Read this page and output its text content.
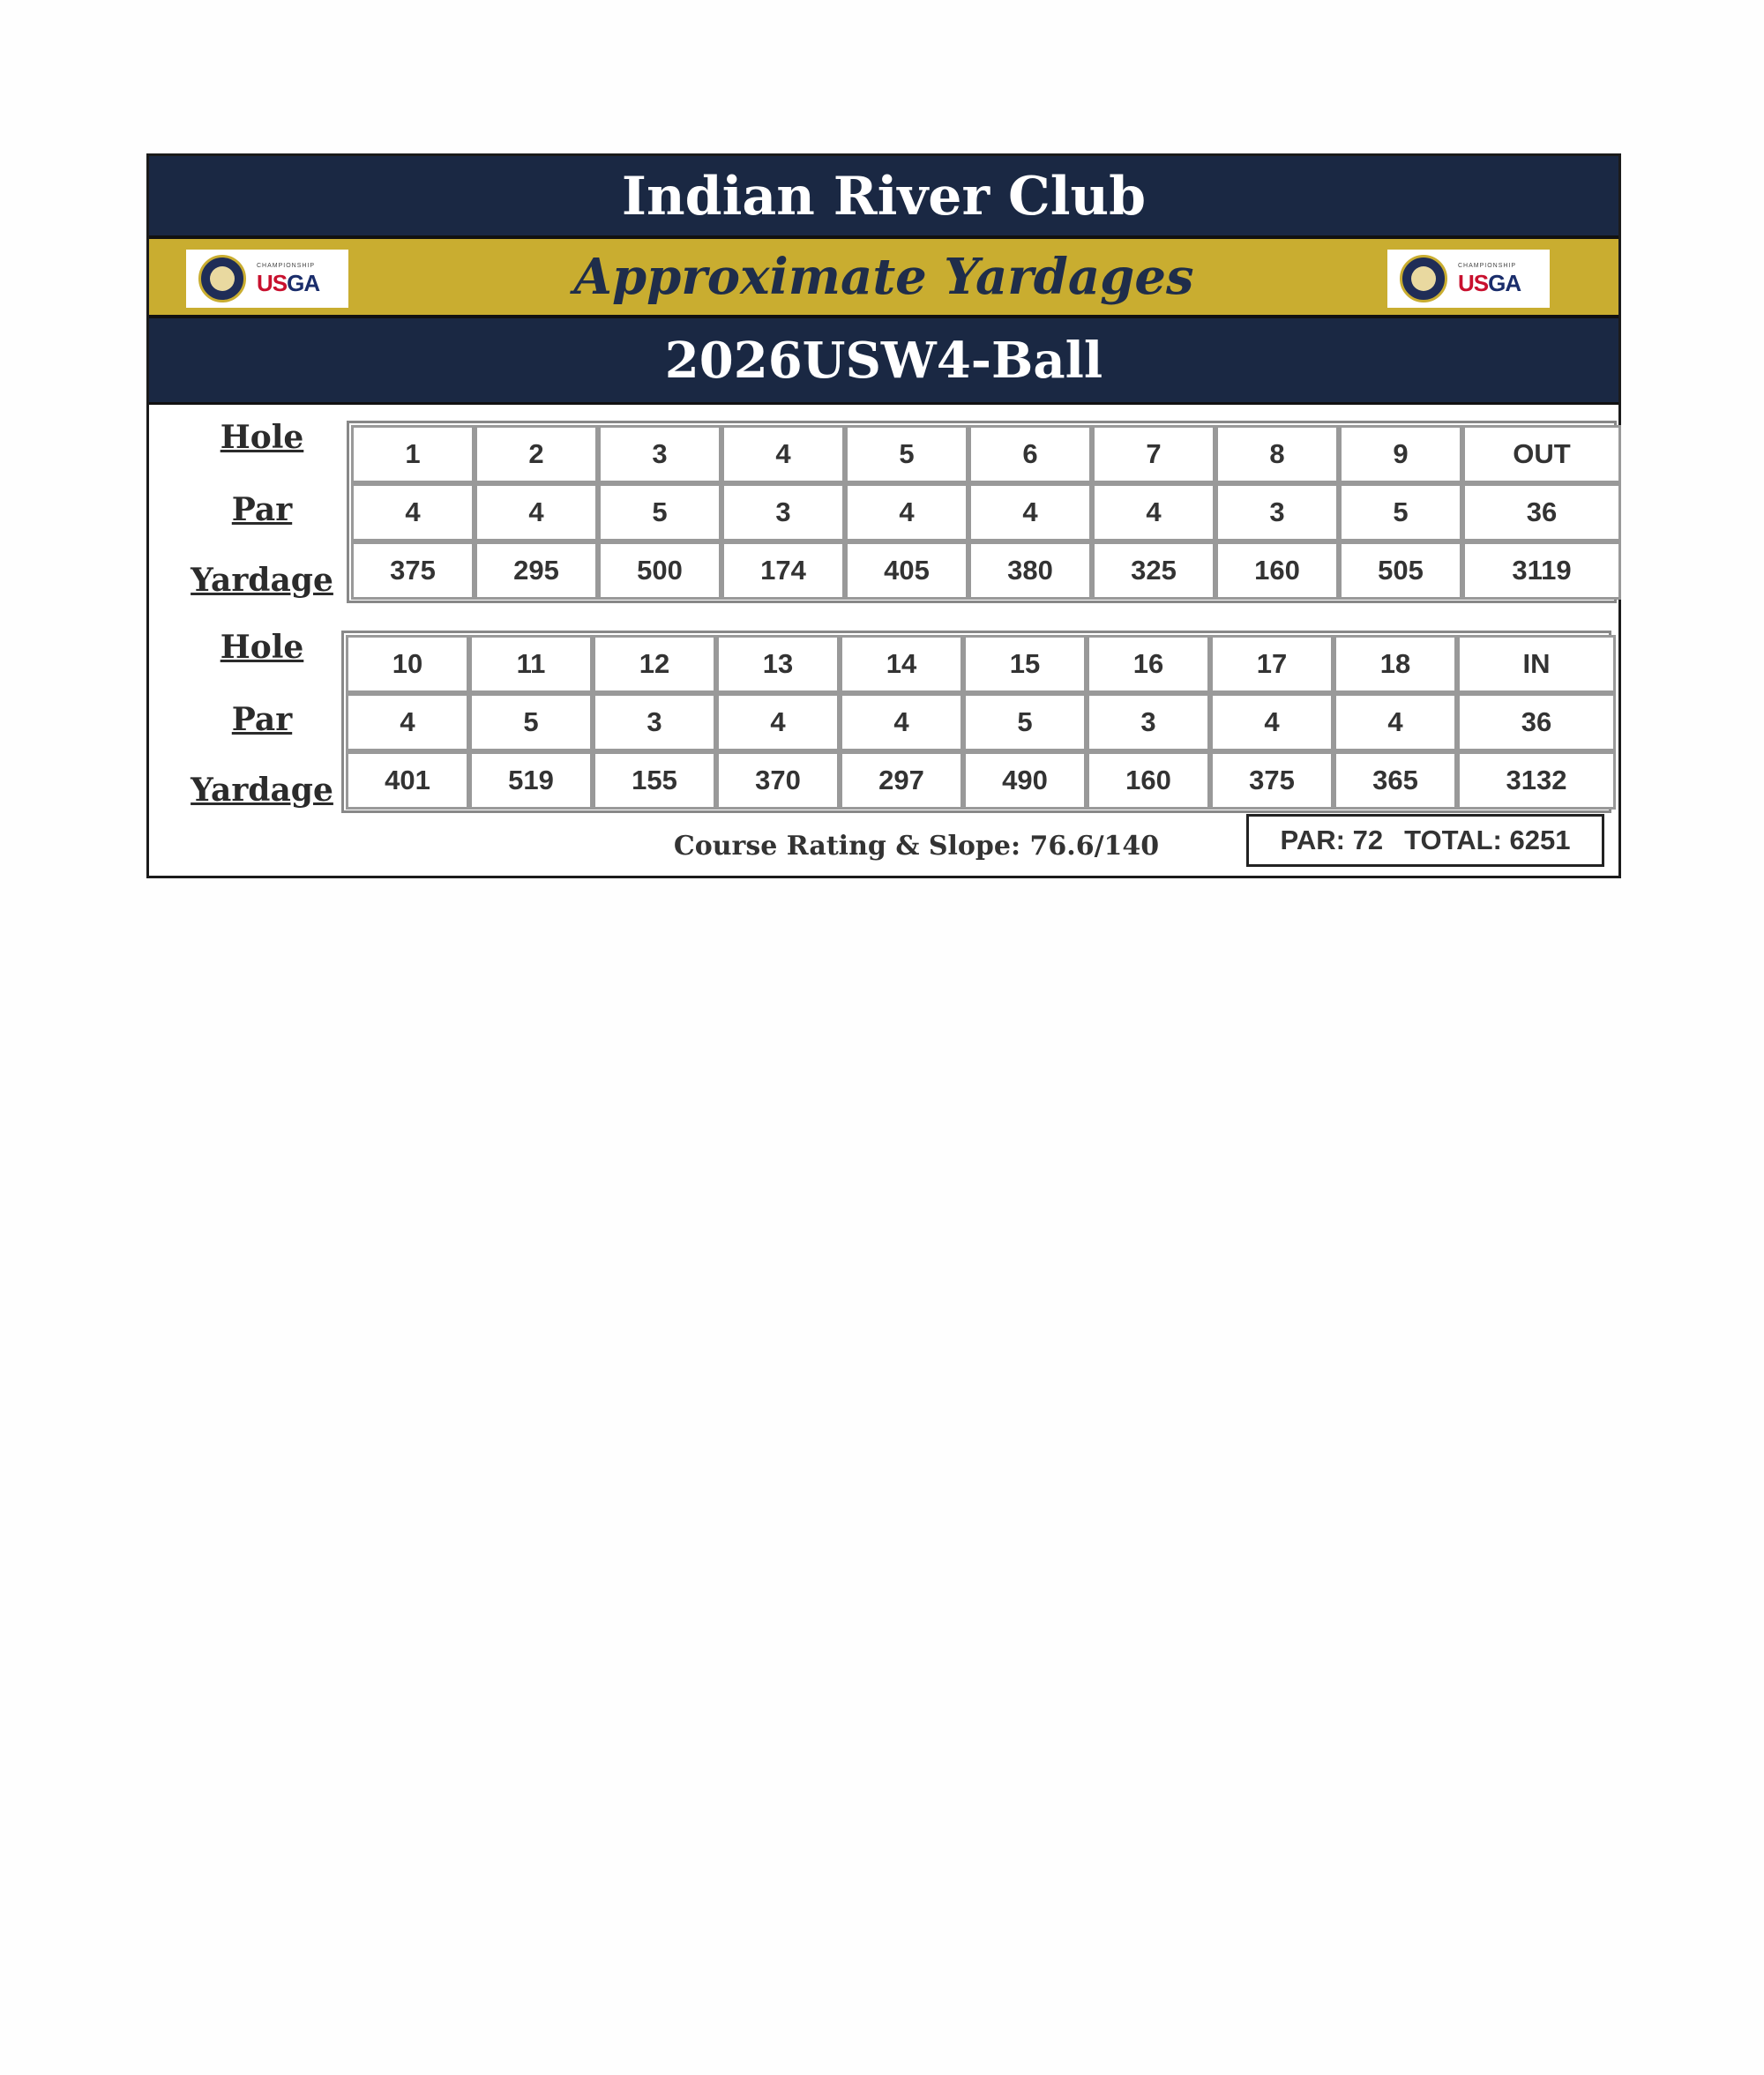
Indian River Club
Approximate Yardages
CHAMPIONSHIP
USGA
CHAMPIONSHIP
USGA
2026USW4-Ball
Hole
Par
Yardage
1	2	3	4	5	6	7	8	9	OUT
4	4	5	3	4	4	4	3	5	36
375	295	500	174	405	380	325	160	505	3119
Hole
Par
Yardage
10	11	12	13	14	15	16	17	18	IN
4	5	3	4	4	5	3	4	4	36
401	519	155	370	297	490	160	375	365	3132
Course Rating & Slope: 76.6/140	PAR: 72 TOTAL: 6251
